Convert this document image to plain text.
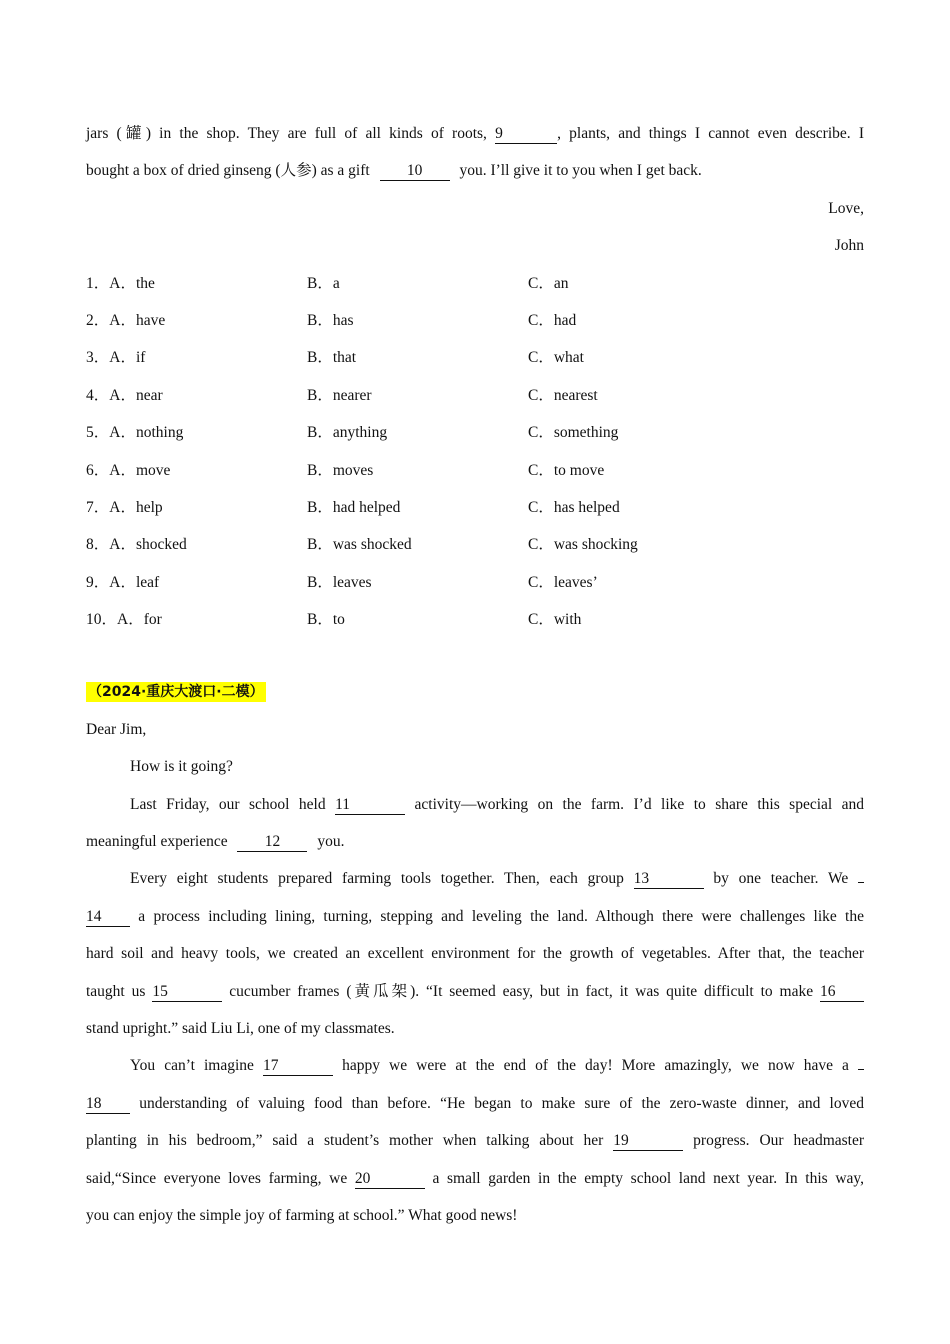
jars (罐) in the shop. They are full of all kinds of roots, 9	, plants, and things I cannot even describe. I
bought a box of dried ginseng (人参) as a gift 10 you. I’ll give it to you when I get back.
Love,
John
1．A．the	B．a	C．an
2．A．have	B．has	C．had
3．A．if	B．that	C．what
4．A．near	B．nearer	C．nearest
5．A．nothing	B．anything	C．something
6．A．move	B．moves	C．to move
7．A．help	B．had helped	C．has helped
8．A．shocked	B．was shocked	C．was shocking
9．A．leaf	B．leaves	C．leaves’
10．A．for	B．to	C．with
（2024·重庆大渡口·二模）
Dear Jim,
How is it going?
Last Friday, our school held 11	activity—working on the farm. I’d like to share this special and
meaningful experience 12 you.
Every eight students prepared farming tools together. Then, each group 13	by one teacher. We
14 a process including lining, turning, stepping and leveling the land. Although there were challenges like the
hard soil and heavy tools, we created an excellent environment for the growth of vegetables. After that, the teacher
taught us 15	cucumber frames (黄瓜架). “It seemed easy, but in fact, it was quite difficult to make 16
stand upright.” said Liu Li, one of my classmates.
You can’t imagine 17	happy we were at the end of the day! More amazingly, we now have a
18 understanding of valuing food than before. “He began to make sure of the zero-waste dinner, and loved
planting in his bedroom,” said a student’s mother when talking about her 19	progress. Our headmaster
said,“Since everyone loves farming, we 20	a small garden in the empty school land next year. In this way,
you can enjoy the simple joy of farming at school.” What good news!
